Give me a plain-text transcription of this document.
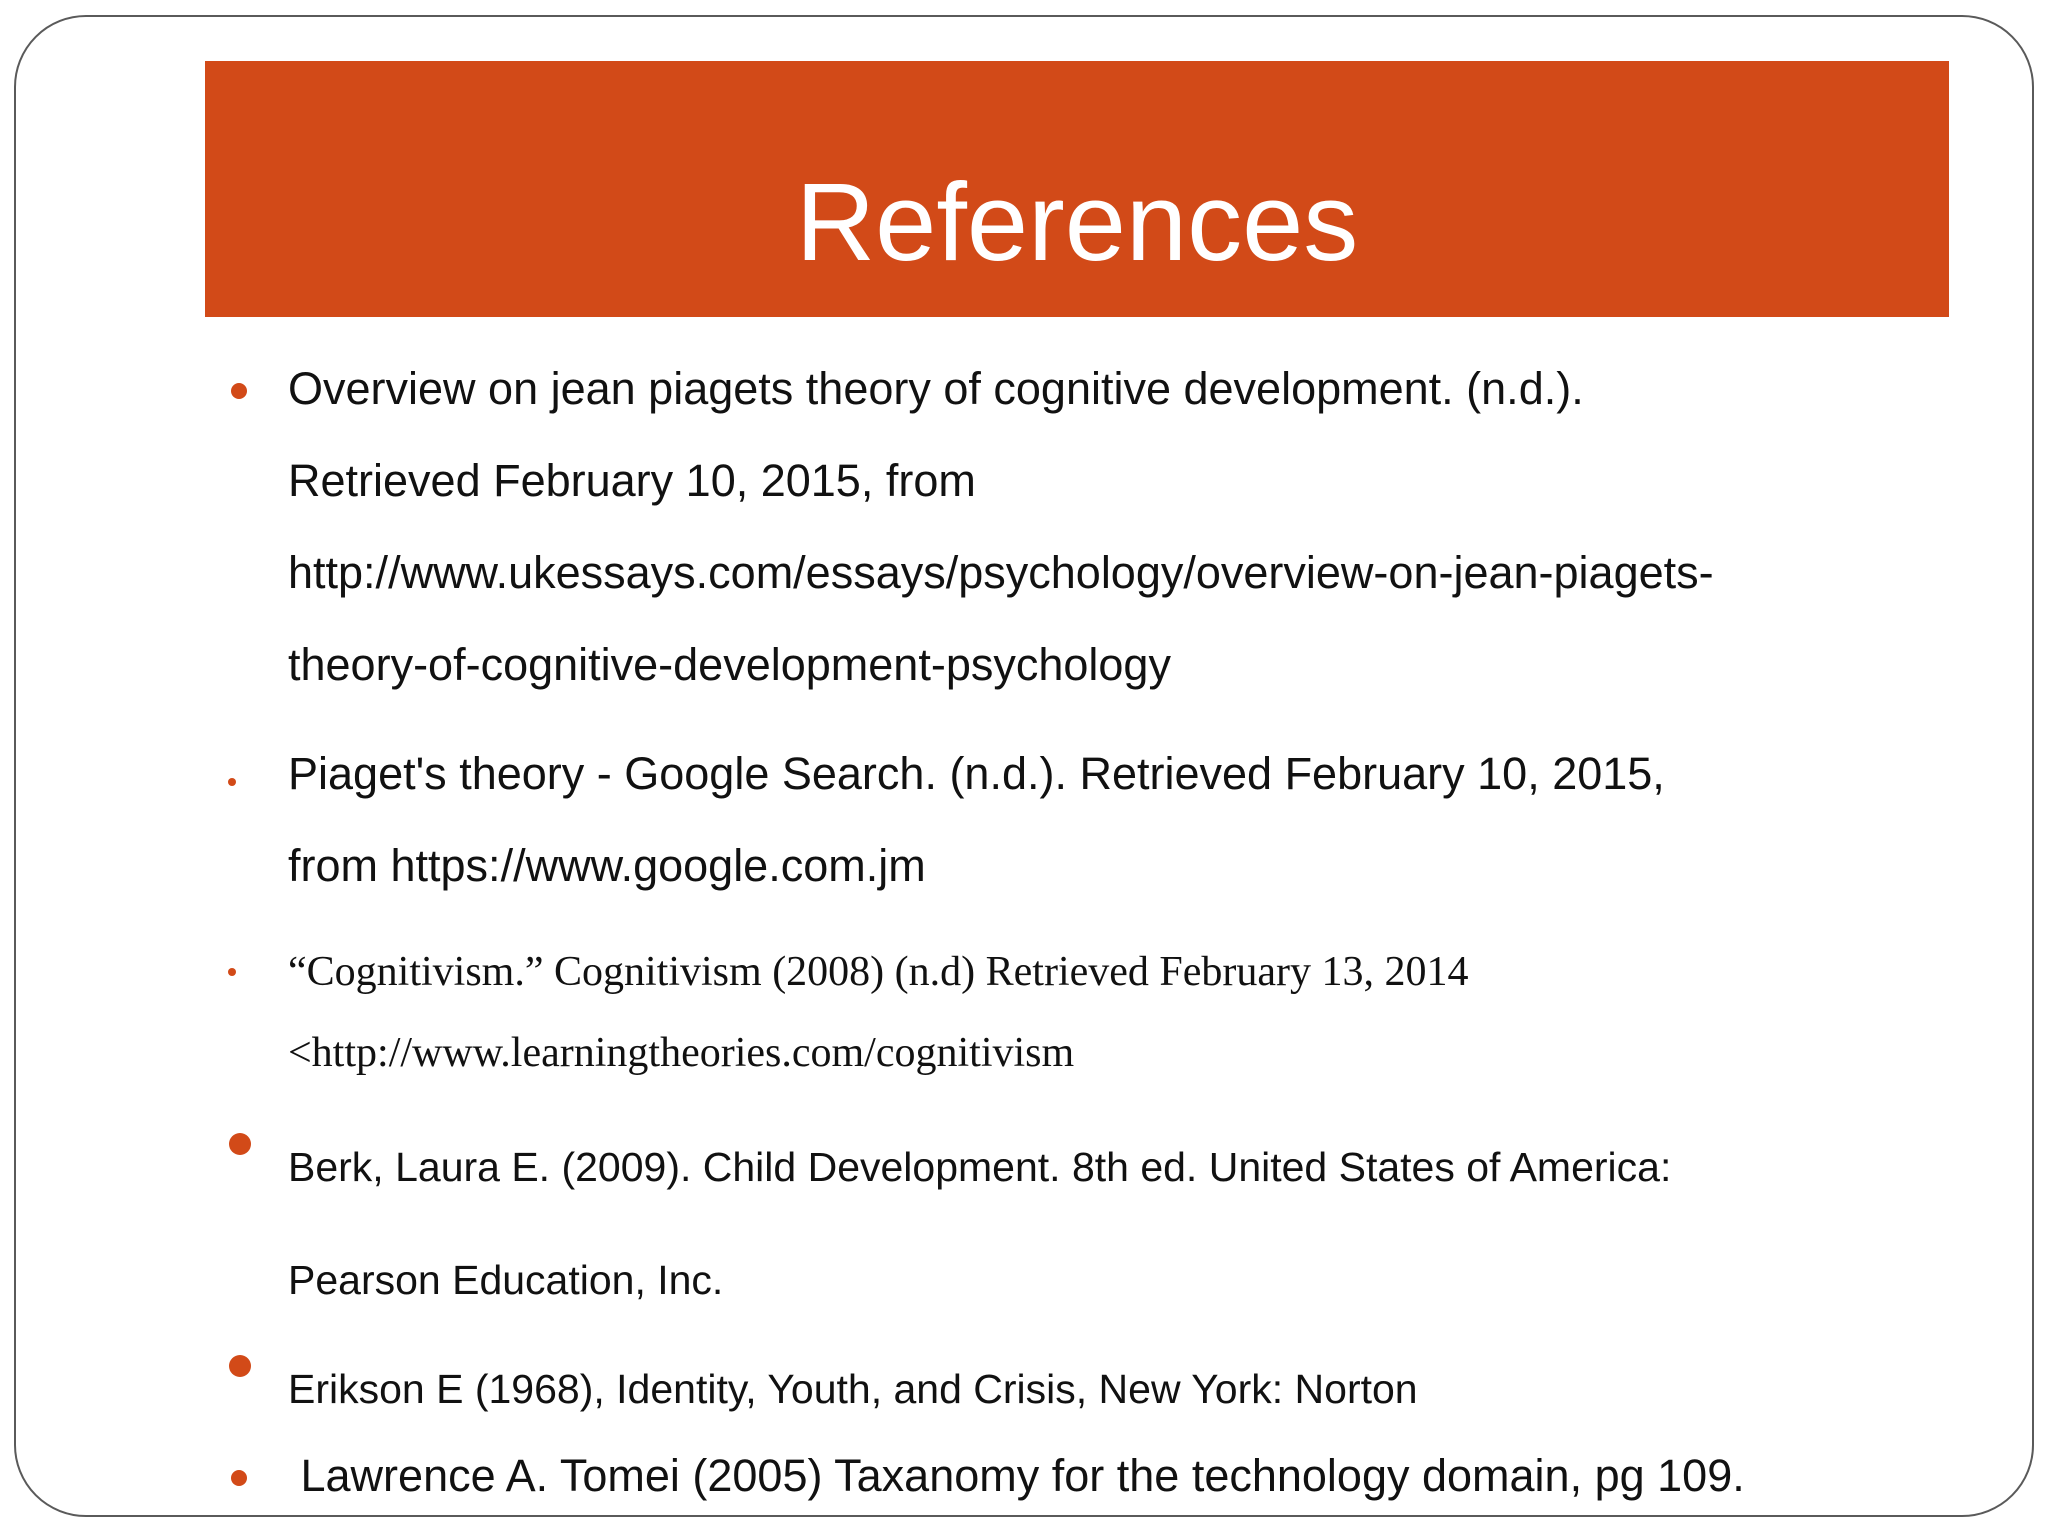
References
Overview on jean piagets theory of cognitive development. (n.d.).
Retrieved February 10, 2015, from
http://www.ukessays.com/essays/psychology/overview-on-jean-piagets-
theory-of-cognitive-development-psychology
Piaget's theory - Google Search. (n.d.). Retrieved February 10, 2015,
from https://www.google.com.jm
“Cognitivism.” Cognitivism (2008) (n.d) Retrieved February 13, 2014
<http://www.learningtheories.com/cognitivism
Berk, Laura E. (2009). Child Development. 8th ed. United States of America:
Pearson Education, Inc.
Erikson E (1968), Identity, Youth, and Crisis, New York: Norton
Lawrence A. Tomei (2005) Taxanomy for the technology domain, pg 109.
